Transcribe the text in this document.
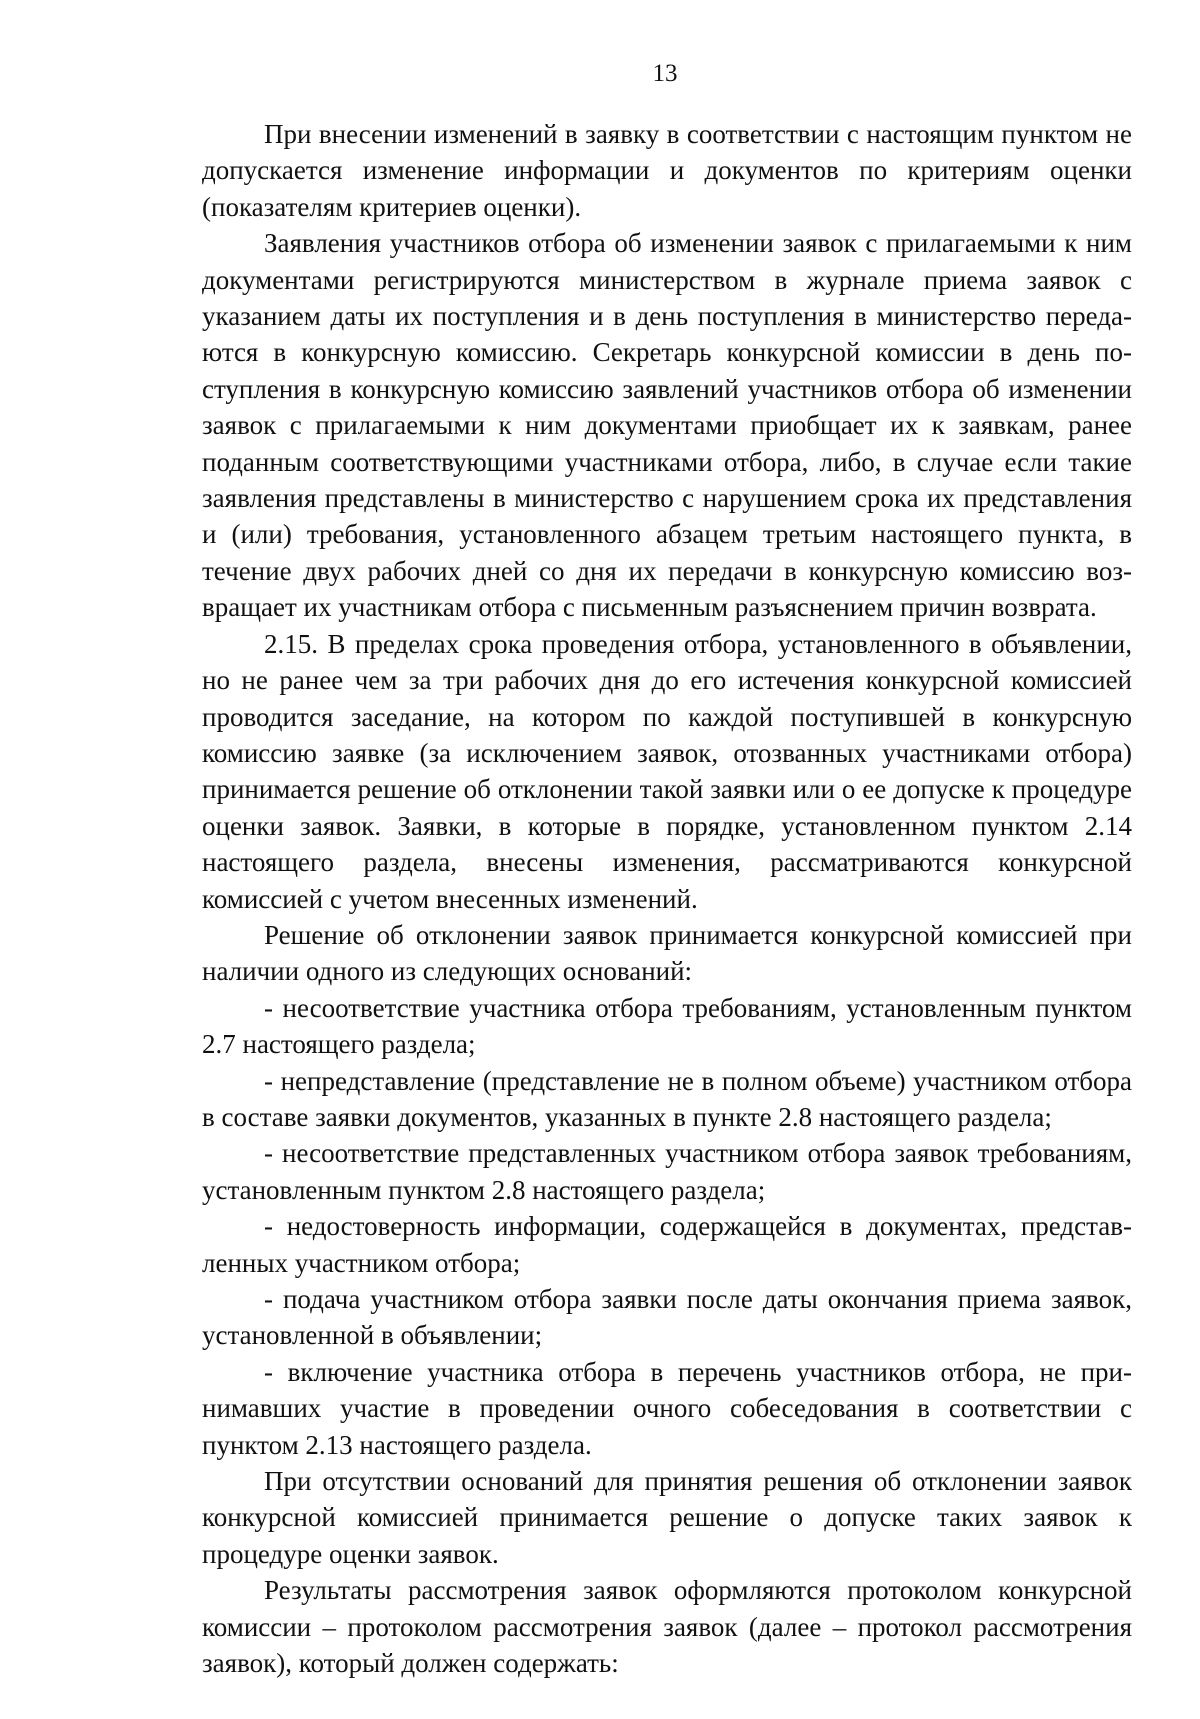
13

При внесении изменений в заявку в соответствии с настоящим пунктом не допускается изменение информации и документов по критериям оценки (показателям критериев оценки).

Заявления участников отбора об изменении заявок с прилагаемыми к ним документами регистрируются министерством в журнале приема заявок с указанием даты их поступления и в день поступления в министерство передаются в конкурсную комиссию. Секретарь конкурсной комиссии в день поступления в конкурсную комиссию заявлений участников отбора об изменении заявок с прилагаемыми к ним документами приобщает их к заявкам, ранее поданным соответствующими участниками отбора, либо, в случае если такие заявления представлены в министерство с нарушением срока их представления и (или) требования, установленного абзацем третьим настоящего пункта, в течение двух рабочих дней со дня их передачи в конкурсную комиссию возвращает их участникам отбора с письменным разъяснением причин возврата.

2.15. В пределах срока проведения отбора, установленного в объявлении, но не ранее чем за три рабочих дня до его истечения конкурсной комиссией проводится заседание, на котором по каждой поступившей в конкурсную комиссию заявке (за исключением заявок, отозванных участниками отбора) принимается решение об отклонении такой заявки или о ее допуске к процедуре оценки заявок. Заявки, в которые в порядке, установленном пунктом 2.14 настоящего раздела, внесены изменения, рассматриваются конкурсной комиссией с учетом внесенных изменений.

Решение об отклонении заявок принимается конкурсной комиссией при наличии одного из следующих оснований:

- несоответствие участника отбора требованиям, установленным пунктом 2.7 настоящего раздела;

- непредставление (представление не в полном объеме) участником отбора в составе заявки документов, указанных в пункте 2.8 настоящего раздела;

- несоответствие представленных участником отбора заявок требованиям, установленным пунктом 2.8 настоящего раздела;

- недостоверность информации, содержащейся в документах, представленных участником отбора;

- подача участником отбора заявки после даты окончания приема заявок, установленной в объявлении;

- включение участника отбора в перечень участников отбора, не принимавших участие в проведении очного собеседования в соответствии с пунктом 2.13 настоящего раздела.

При отсутствии оснований для принятия решения об отклонении заявок конкурсной комиссией принимается решение о допуске таких заявок к процедуре оценки заявок.

Результаты рассмотрения заявок оформляются протоколом конкурсной комиссии – протоколом рассмотрения заявок (далее – протокол рассмотрения заявок), который должен содержать:
